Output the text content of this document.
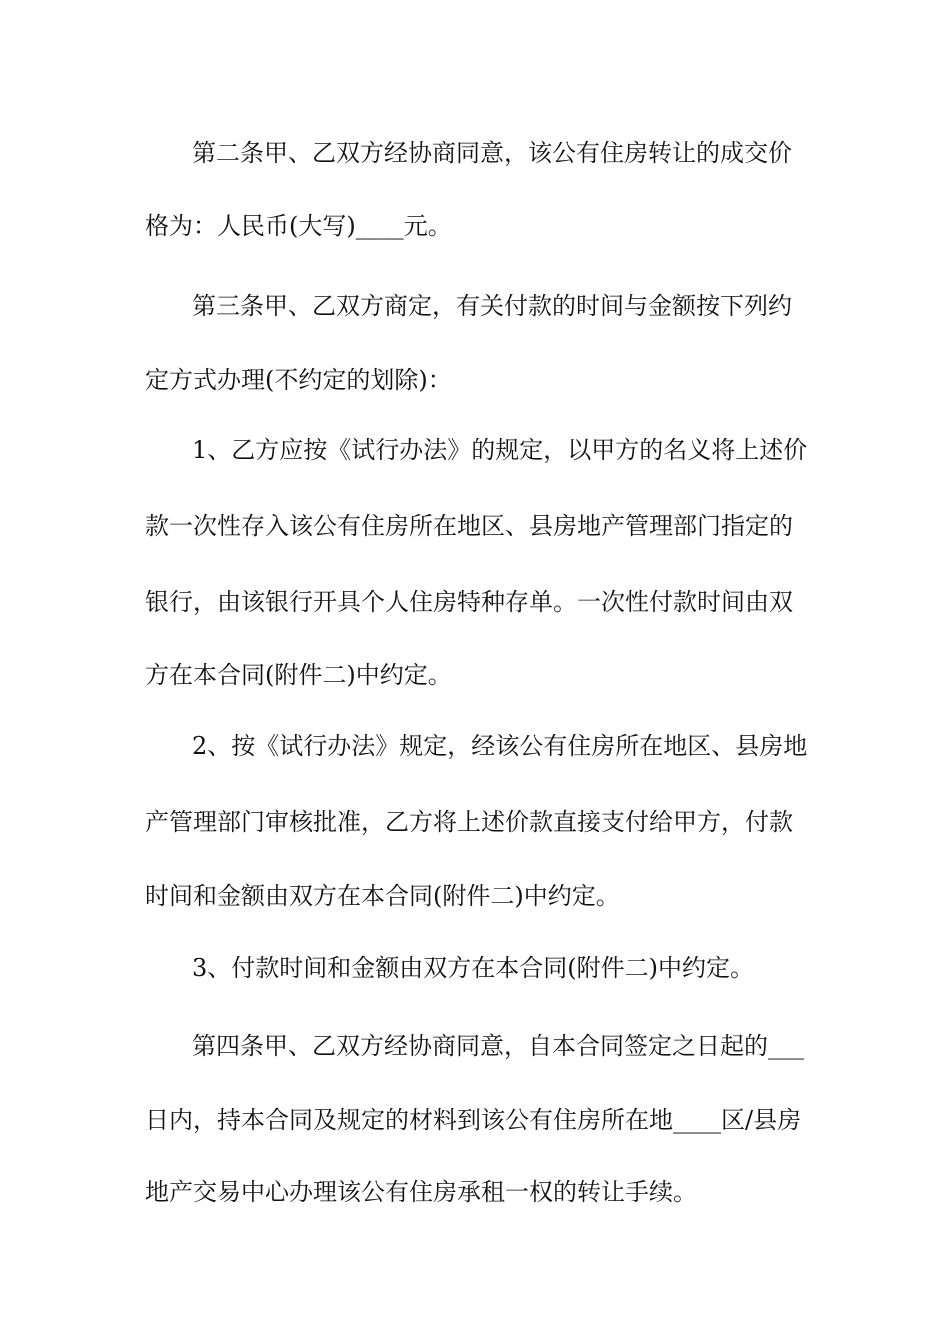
第二条甲、乙双方经协商同意，该公有住房转让的成交价
格为：人民币(大写)____元。
第三条甲、乙双方商定，有关付款的时间与金额按下列约
定方式办理(不约定的划除)：
1、乙方应按《试行办法》的规定，以甲方的名义将上述价
款一次性存入该公有住房所在地区、县房地产管理部门指定的
银行，由该银行开具个人住房特种存单。一次性付款时间由双
方在本合同(附件二)中约定。
2、按《试行办法》规定，经该公有住房所在地区、县房地
产管理部门审核批准，乙方将上述价款直接支付给甲方，付款
时间和金额由双方在本合同(附件二)中约定。
3、付款时间和金额由双方在本合同(附件二)中约定。
第四条甲、乙双方经协商同意，自本合同签定之日起的___
日内，持本合同及规定的材料到该公有住房所在地____区/县房
地产交易中心办理该公有住房承租一权的转让手续。
